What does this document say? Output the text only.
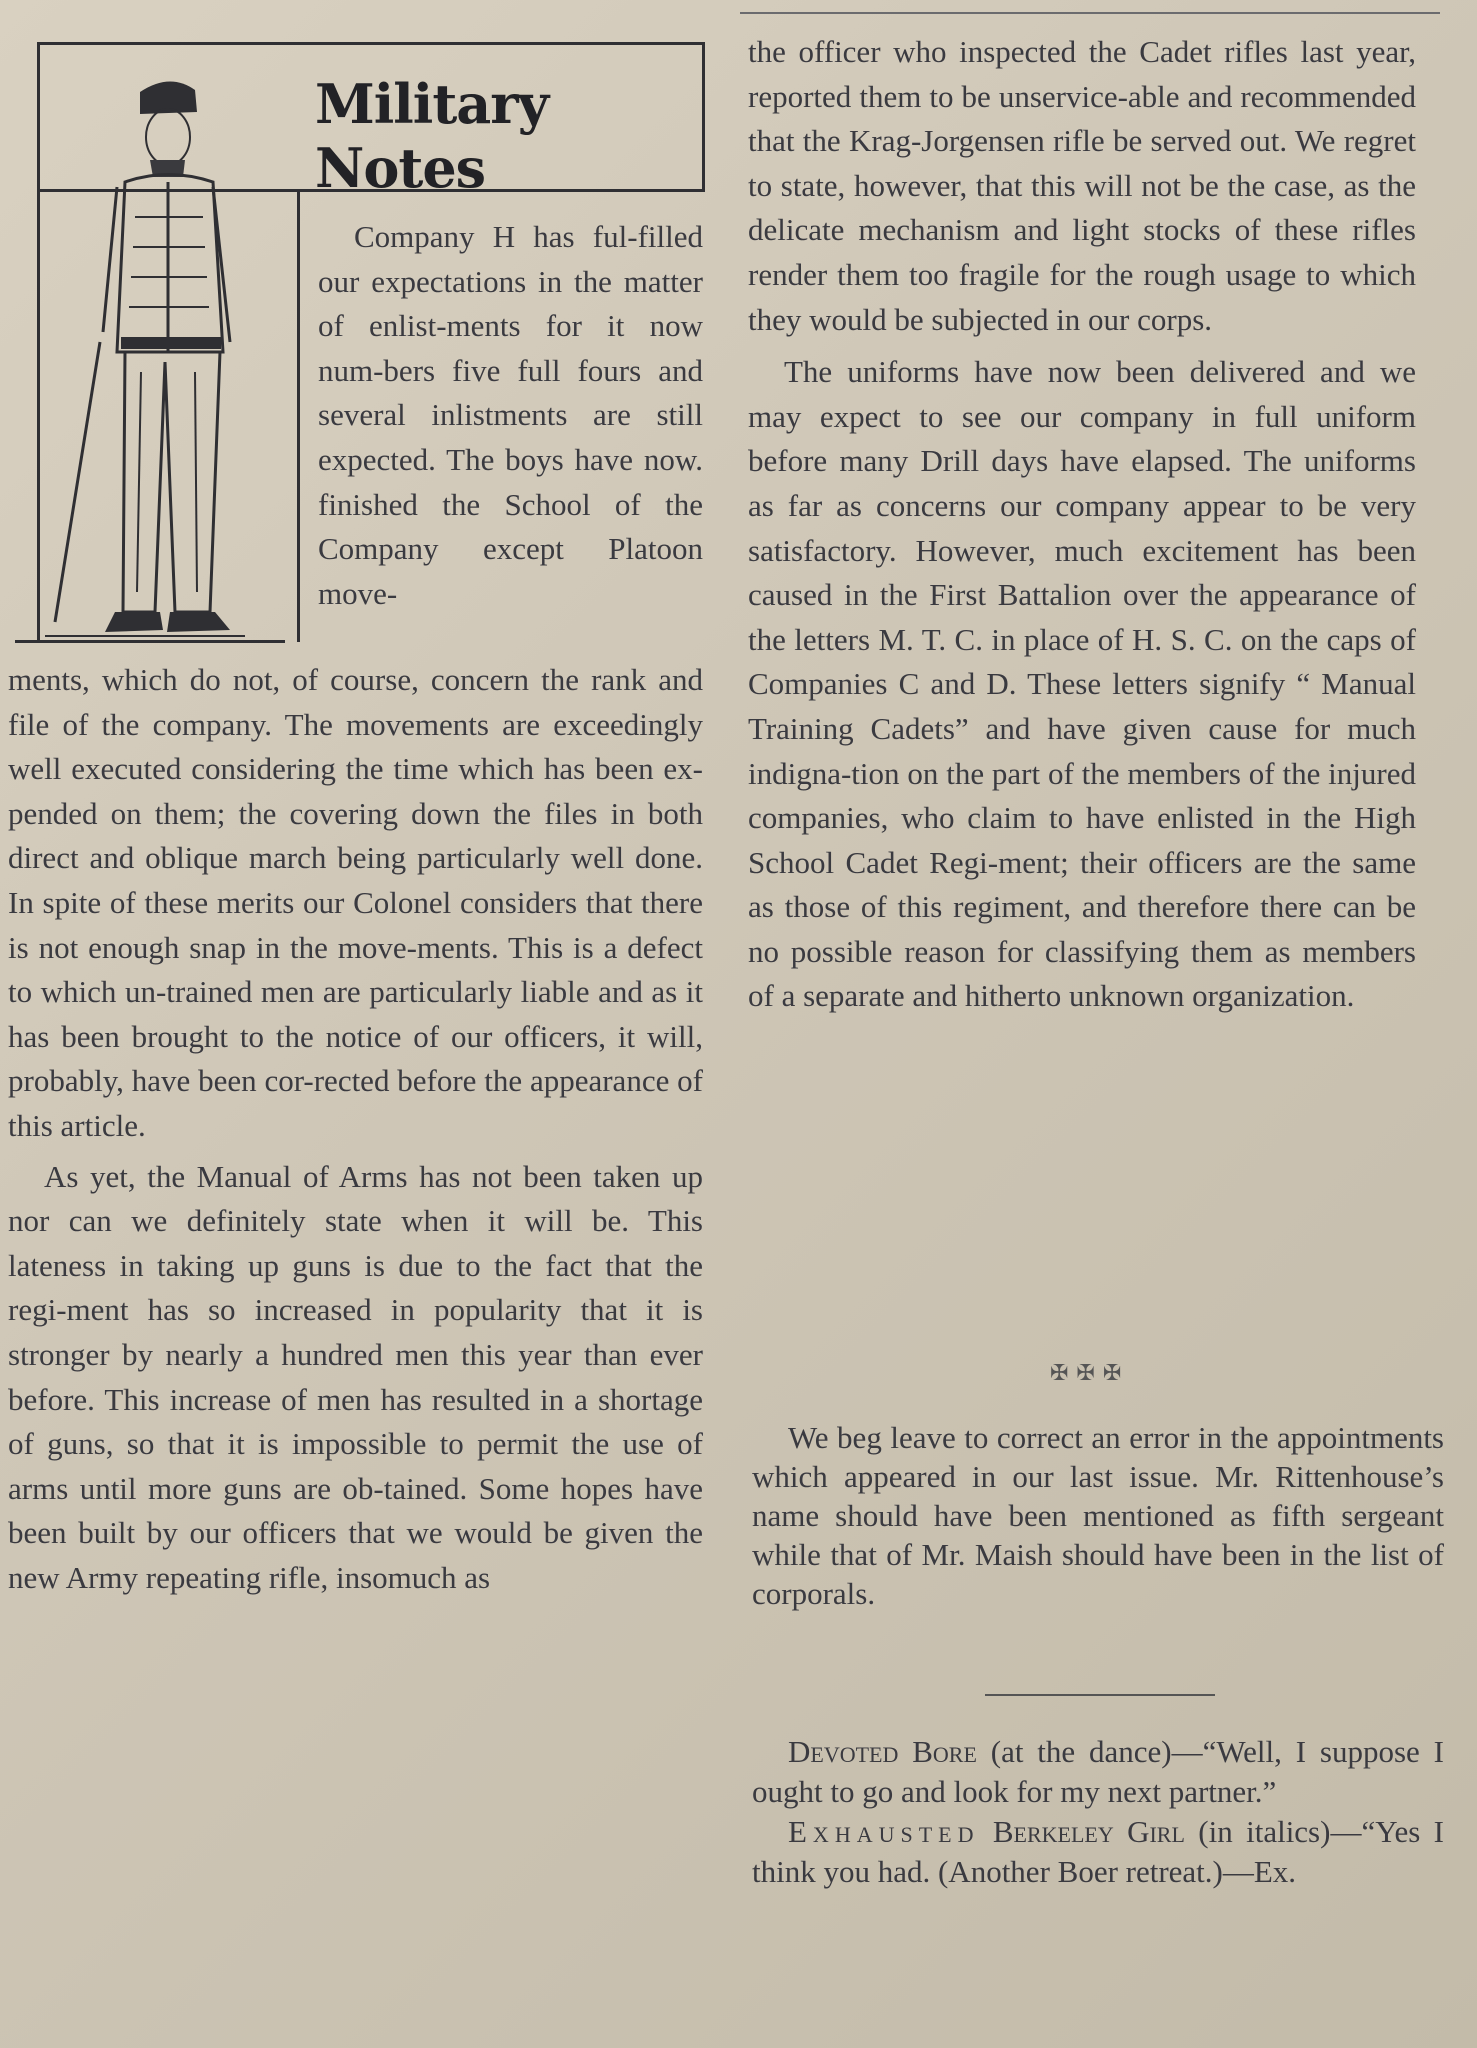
Military Notes

Company H has ful-filled our expectations in the matter of enlist-ments for it now num-bers five full fours and several inlistments are still expected. The boys have now. finished the School of the Company except Platoon move-

ments, which do not, of course, concern the rank and file of the company. The movements are exceedingly well executed considering the time which has been ex-pended on them; the covering down the files in both direct and oblique march being particularly well done. In spite of these merits our Colonel considers that there is not enough snap in the move-ments. This is a defect to which un-trained men are particularly liable and as it has been brought to the notice of our officers, it will, probably, have been cor-rected before the appearance of this article.

As yet, the Manual of Arms has not been taken up nor can we definitely state when it will be. This lateness in taking up guns is due to the fact that the regi-ment has so increased in popularity that it is stronger by nearly a hundred men this year than ever before. This increase of men has resulted in a shortage of guns, so that it is impossible to permit the use of arms until more guns are ob-tained. Some hopes have been built by our officers that we would be given the new Army repeating rifle, insomuch as

the officer who inspected the Cadet rifles last year, reported them to be unservice-able and recommended that the Krag-Jorgensen rifle be served out. We regret to state, however, that this will not be the case, as the delicate mechanism and light stocks of these rifles render them too fragile for the rough usage to which they would be subjected in our corps.

The uniforms have now been delivered and we may expect to see our company in full uniform before many Drill days have elapsed. The uniforms as far as concerns our company appear to be very satisfactory. However, much excitement has been caused in the First Battalion over the appearance of the letters M. T. C. in place of H. S. C. on the caps of Companies C and D. These letters signify “ Manual Training Cadets” and have given cause for much indigna-tion on the part of the members of the injured companies, who claim to have enlisted in the High School Cadet Regi-ment; their officers are the same as those of this regiment, and therefore there can be no possible reason for classifying them as members of a separate and hitherto unknown organization.

✠✠✠

We beg leave to correct an error in the appointments which appeared in our last issue. Mr. Rittenhouse’s name should have been mentioned as fifth sergeant while that of Mr. Maish should have been in the list of corporals.

Devoted Bore (at the dance)—“Well, I suppose I ought to go and look for my next partner.”

Exhausted Berkeley Girl (in italics)—“Yes I think you had. (Another Boer retreat.)—Ex.
